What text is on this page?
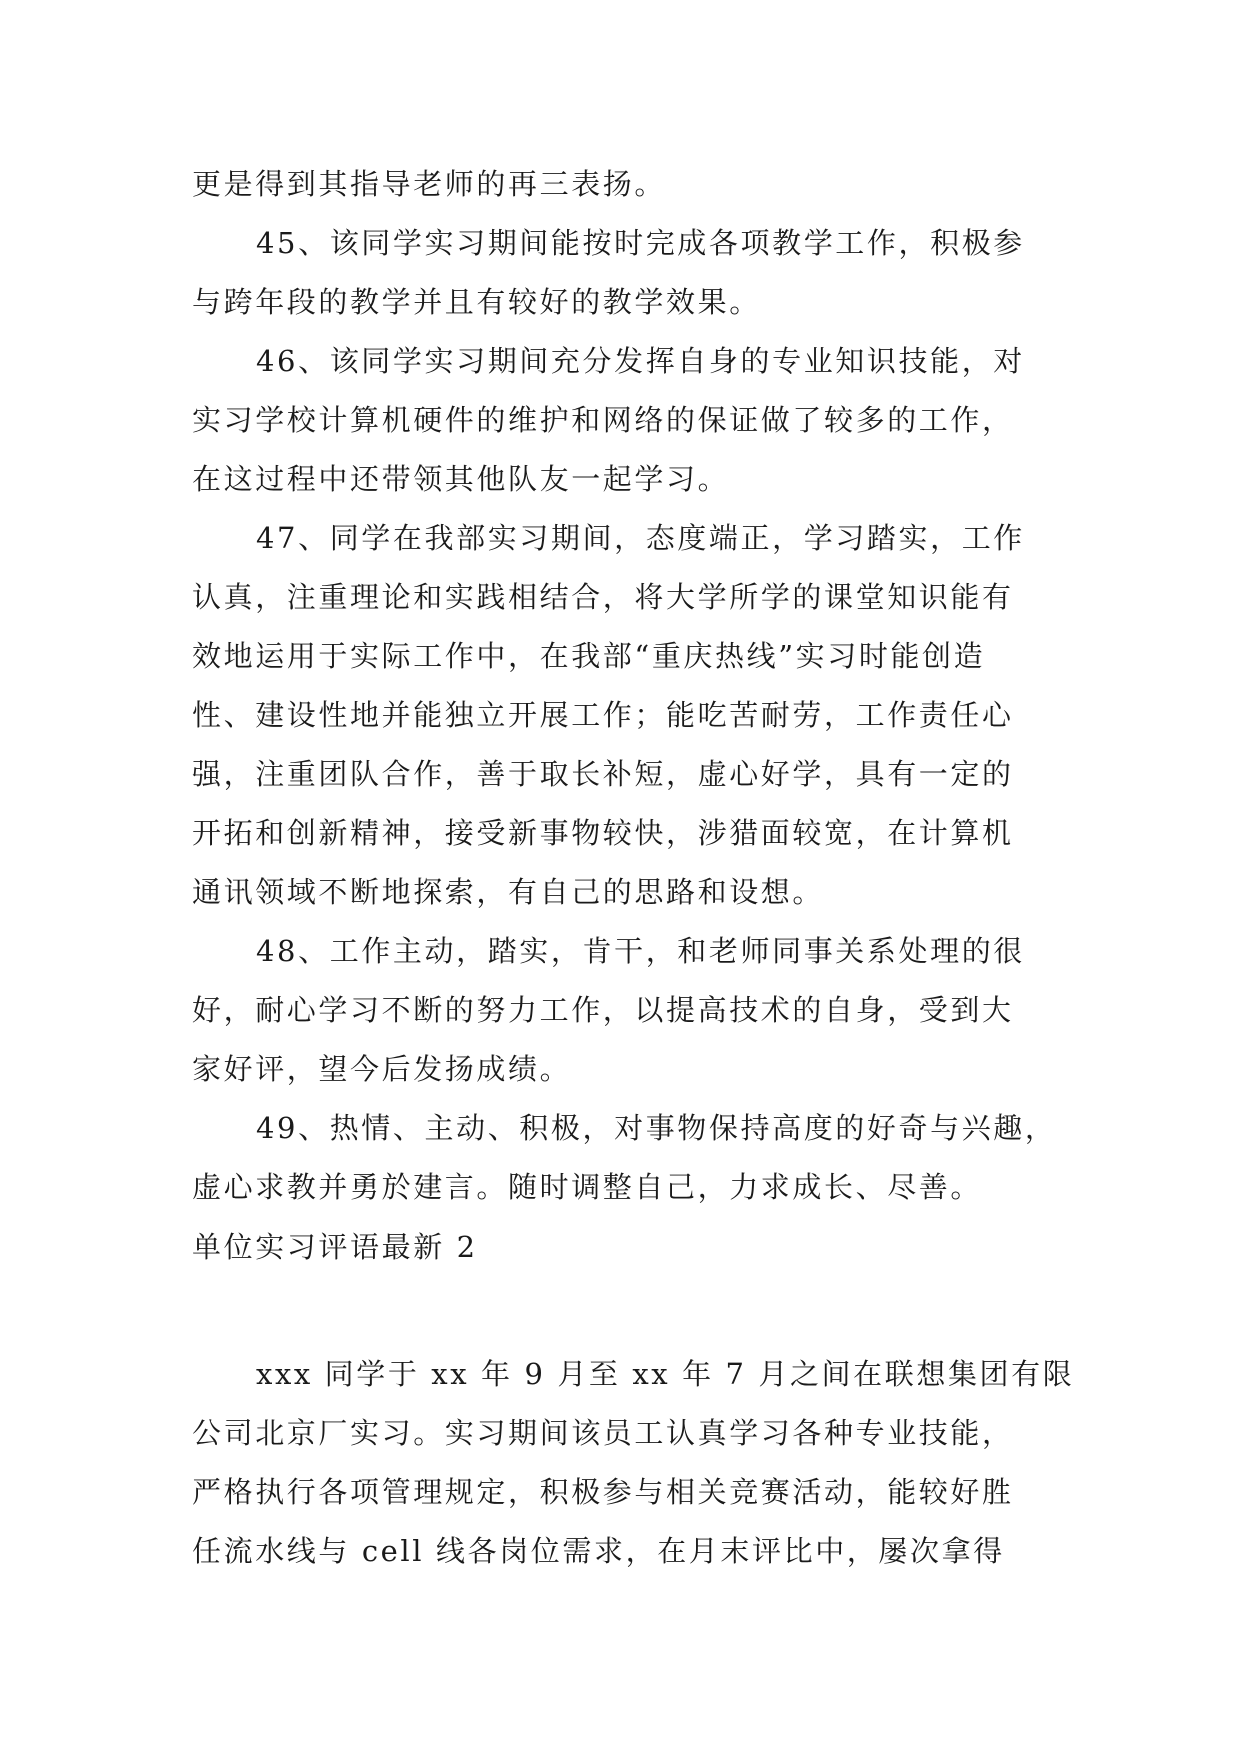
更是得到其指导老师的再三表扬。
45、该同学实习期间能按时完成各项教学工作，积极参
与跨年段的教学并且有较好的教学效果。
46、该同学实习期间充分发挥自身的专业知识技能，对
实习学校计算机硬件的维护和网络的保证做了较多的工作，
在这过程中还带领其他队友一起学习。
47、同学在我部实习期间，态度端正，学习踏实，工作
认真，注重理论和实践相结合，将大学所学的课堂知识能有
效地运用于实际工作中，在我部“重庆热线”实习时能创造
性、建设性地并能独立开展工作；能吃苦耐劳，工作责任心
强，注重团队合作，善于取长补短，虚心好学，具有一定的
开拓和创新精神，接受新事物较快，涉猎面较宽，在计算机
通讯领域不断地探索，有自己的思路和设想。
48、工作主动，踏实，肯干，和老师同事关系处理的很
好，耐心学习不断的努力工作，以提高技术的自身，受到大
家好评，望今后发扬成绩。
49、热情、主动、积极，对事物保持高度的好奇与兴趣，
虚心求教并勇於建言。随时调整自己，力求成长、尽善。
单位实习评语最新 2
xxx 同学于 xx 年 9 月至 xx 年 7 月之间在联想集团有限
公司北京厂实习。实习期间该员工认真学习各种专业技能，
严格执行各项管理规定，积极参与相关竞赛活动，能较好胜
任流水线与 cell 线各岗位需求，在月末评比中，屡次拿得
